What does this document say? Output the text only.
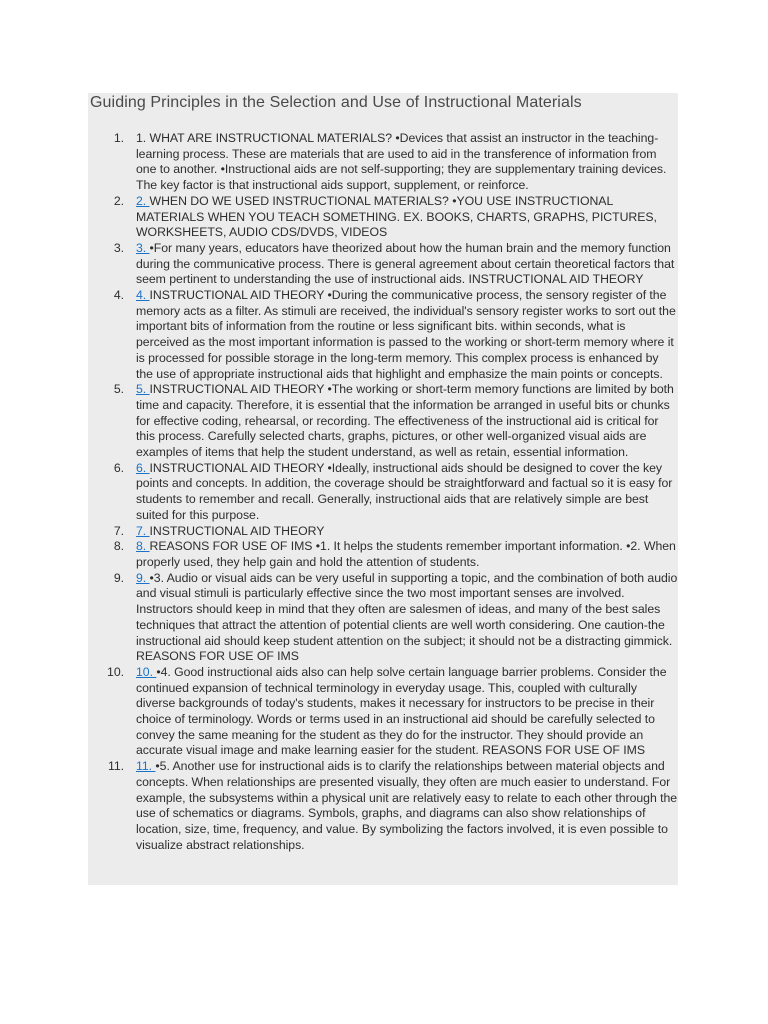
Guiding Principles in the Selection and Use of Instructional Materials
1. 1. WHAT ARE INSTRUCTIONAL MATERIALS? •Devices that assist an instructor in the teaching- learning process. These are materials that are used to aid in the transference of information from one to another. •Instructional aids are not self-supporting; they are supplementary training devices. The key factor is that instructional aids support, supplement, or reinforce.
2. 2. WHEN DO WE USED INSTRUCTIONAL MATERIALS? •YOU USE INSTRUCTIONAL MATERIALS WHEN YOU TEACH SOMETHING. EX. BOOKS, CHARTS, GRAPHS, PICTURES, WORKSHEETS, AUDIO CDS/DVDS, VIDEOS
3. 3. •For many years, educators have theorized about how the human brain and the memory function during the communicative process. There is general agreement about certain theoretical factors that seem pertinent to understanding the use of instructional aids. INSTRUCTIONAL AID THEORY
4. 4. INSTRUCTIONAL AID THEORY •During the communicative process, the sensory register of the memory acts as a filter. As stimuli are received, the individual's sensory register works to sort out the important bits of information from the routine or less significant bits. within seconds, what is perceived as the most important information is passed to the working or short-term memory where it is processed for possible storage in the long-term memory. This complex process is enhanced by the use of appropriate instructional aids that highlight and emphasize the main points or concepts.
5. 5. INSTRUCTIONAL AID THEORY •The working or short-term memory functions are limited by both time and capacity. Therefore, it is essential that the information be arranged in useful bits or chunks for effective coding, rehearsal, or recording. The effectiveness of the instructional aid is critical for this process. Carefully selected charts, graphs, pictures, or other well-organized visual aids are examples of items that help the student understand, as well as retain, essential information.
6. 6. INSTRUCTIONAL AID THEORY •Ideally, instructional aids should be designed to cover the key points and concepts. In addition, the coverage should be straightforward and factual so it is easy for students to remember and recall. Generally, instructional aids that are relatively simple are best suited for this purpose.
7. 7. INSTRUCTIONAL AID THEORY
8. 8. REASONS FOR USE OF IMS •1. It helps the students remember important information. •2. When properly used, they help gain and hold the attention of students.
9. 9. •3. Audio or visual aids can be very useful in supporting a topic, and the combination of both audio and visual stimuli is particularly effective since the two most important senses are involved. Instructors should keep in mind that they often are salesmen of ideas, and many of the best sales techniques that attract the attention of potential clients are well worth considering. One caution-the instructional aid should keep student attention on the subject; it should not be a distracting gimmick. REASONS FOR USE OF IMS
10. 10. •4. Good instructional aids also can help solve certain language barrier problems. Consider the continued expansion of technical terminology in everyday usage. This, coupled with culturally diverse backgrounds of today's students, makes it necessary for instructors to be precise in their choice of terminology. Words or terms used in an instructional aid should be carefully selected to convey the same meaning for the student as they do for the instructor. They should provide an accurate visual image and make learning easier for the student. REASONS FOR USE OF IMS
11. 11. •5. Another use for instructional aids is to clarify the relationships between material objects and concepts. When relationships are presented visually, they often are much easier to understand. For example, the subsystems within a physical unit are relatively easy to relate to each other through the use of schematics or diagrams. Symbols, graphs, and diagrams can also show relationships of location, size, time, frequency, and value. By symbolizing the factors involved, it is even possible to visualize abstract relationships.
